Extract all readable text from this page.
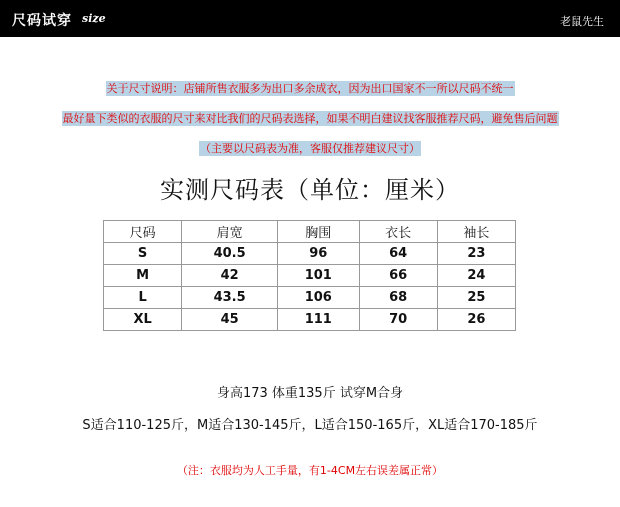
尺码试穿 size	老鼠先生
关于尺寸说明：店铺所售衣服多为出口多余成衣，因为出口国家不一所以尺码不统一
最好量下类似的衣服的尺寸来对比我们的尺码表选择，如果不明白建议找客服推荐尺码，避免售后问题
（主要以尺码表为准，客服仅推荐建议尺寸）
实测尺码表（单位：厘米）
尺码	肩宽	胸围	衣长	袖长
S	40.5	96	64	23
M	42	101	66	24
L	43.5	106	68	25
XL	45	111	70	26
身高173 体重135斤 试穿M合身
S适合110-125斤，M适合130-145斤，L适合150-165斤，XL适合170-185斤
（注：衣服均为人工手量，有1-4CM左右误差属正常）
